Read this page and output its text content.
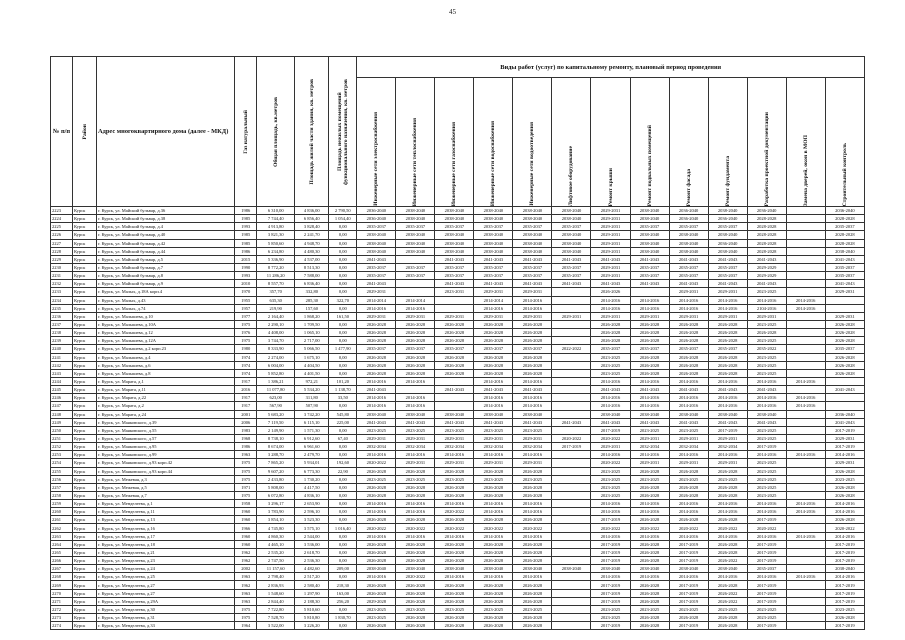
45
№ п/п	Район	Адрес многоквартирного дома (далее - МКД)	Газ натуральный	Общая площадь, кв.метров	Площадь жилой части здания, кв. метров	Площадь нежилых помещений функционального назначения, кв. метров	Виды работ (услуг) по капитальному ремонту, плановый период проведения												

							Инженерные сети электроснабжения	Инженерные сети теплоснабжения	Инженерные сети газоснабжения	Инженерные сети водоснабжения	Инженерные сети водоотведения	Лифтовое оборудование	Ремонт крыши	Ремонт подвальных помещений	Ремонт фасада	Ремонт фундамента	Разработка проектной документации	Замена дверей, окон в МОП	Строительный контроль

2223	Курск	г. Курск, ул. Майский бульвар, д.36	1986	6 310,00	4 836,00	2 790,50	2036-2040	2038-2040	2038-2040	2038-2040	2038-2040	2038-2040	2029-2031	2038-2040	2036-2040	2038-2040	2036-2040		2036-2040
2224	Курск	г. Курск, ул. Майский бульвар, д.38	1985	7 744,40	6 856,40	1 054,40	2036-2040	2038-2040	2038-2040	2038-2040	2038-2040	2038-2040	2029-2031	2038-2040	2036-2040	2036-2040	2028-2028		2028-2028
2225	Курск	г. Курск, ул. Майский бульвар, д.4	1993	4 913,80	3 828,40	0,00	2035-2037	2035-2037	2035-2037	2035-2037	2035-2037	2035-2037	2029-2031	2035-2037	2035-2037	2035-2037	2028-2028		2035-2037
2226	Курск	г. Курск, ул. Майский бульвар, д.40	1985	3 821,30	2 241,70	0,00	2038-2040	2038-2040	2038-2040	2038-2040	2038-2040	2038-2040	2029-2031	2038-2040	2038-2040	2038-2040	2028-2028		2028-2028
2227	Курск	г. Курск, ул. Майский бульвар, д.42	1985	5 850,60	4 948,70	0,00	2038-2040	2038-2040	2038-2040	2038-2040	2038-2040	2038-2040	2029-2031	2038-2040	2038-2040	2036-2040	2028-2028		2028-2028
2228	Курск	г. Курск, ул. Майский бульвар, д.44	1986	6 234,80	4 480,30	0,00	2038-2040	2038-2040	2038-2040	2038-2040	2038-2040	2038-2040	2029-2031	2038-2040	2038-2040	2038-2040	2028-2028		2038-2040
2229	Курск	г. Курск, ул. Майский бульвар, д.5	2015	5 336,90	4 537,00	0,00	2041-2043		2041-2043	2041-2043	2041-2043	2041-2043	2041-2043	2041-2043	2041-2043	2041-2043	2041-2043		2041-2043
2230	Курск	г. Курск, ул. Майский бульвар, д.7	1990	8 772,20	8 513,30	0,00	2035-2037	2035-2037	2035-2037	2035-2037	2035-2037	2035-2037	2029-2031	2035-2037	2035-2037	2035-2037	2029-2029		2035-2037
2231	Курск	г. Курск, ул. Майский бульвар, д.8	1993	11 286,20	7 588,00	0,00	2035-2037	2035-2037	2035-2037	2035-2037	2035-2037	2035-2037	2029-2031	2035-2037	2035-2037	2035-2037	2029-2029		2035-2037
2232	Курск	г. Курск, ул. Майский бульвар, д.9	2010	8 557,70	6 836,40	0,00	2041-2043		2041-2043	2041-2043	2041-2043	2041-2043	2041-2043	2041-2043	2041-2043	2041-2043	2041-2043		2041-2043
2233	Курск	г. Курск, ул. Малых, д.18А корп.4	1970	357,70	332,80	0,00	2029-2031		2023-2031	2029-2031	2029-2031		2026-2026		2029-2031	2029-2031	2023-2025		2029-2031
2234	Курск	г. Курск, ул. Малых, д.43	1955	635,30	285,30	322,70	2014-2014	2014-2014		2014-2014	2014-2016		2014-2016	2014-2016	2014-2016	2014-2016	2014-2016	2014-2016	
2235	Курск	г. Курск, ул. Малых, д.74	1957	219,90	157,60	0,00	2014-2016	2014-2016		2014-2016	2014-2016		2014-2016	2014-2016	2014-2016	2014-2016	2104-2016	2014-2016	
2236	Курск	г. Курск, ул. Малышева, д.10	1977	2 164,40	1 868,20	161,50	2029-2031	2029-2031	2029-2031	2029-2031	2029-2031	2029-2031	2029-2031	2029-2031	2029-2031	2029-2031	2029-2031		2029-2031
2237	Курск	г. Курск, ул. Малышева, д.10А	1975	2 290,10	1 709,50	0,00	2026-2028	2026-2028	2026-2028	2026-2028	2026-2028		2026-2028	2026-2028	2026-2028	2026-2028	2023-2025		2026-2028
2238	Курск	г. Курск, ул. Малышева, д.12	1976	4 408,00	1 065,10	0,00	2026-2028	2026-2028	2026-2028	2026-2028	2026-2028		2026-2028	2026-2028	2026-2028	2026-2028	2026-2028		2026-2028
2239	Курск	г. Курск, ул. Малышева, д.12А	1975	3 744,70	2 717,00	0,00	2026-2028	2026-2028	2026-2028	2026-2028	2026-2028		2026-2028	2026-2028	2026-2028	2026-2028	2023-2025		2026-2028
2240	Курск	г. Курск, ул. Малышева, д.2 корп.23	1980	8 333,90	5 066,50	1 477,90	2035-2037	2035-2037	2035-2037	2035-2037	2035-2037	2022-2022	2035-2037	2035-2037	2035-2037	2035-2037	2035-2022		2035-2037
2241	Курск	г. Курск, ул. Малышева, д.4	1974	2 274,00	1 675,10	0,00	2026-2028	2026-2028	2026-2028	2026-2028	2026-2028		2023-2025	2026-2028	2026-2028	2026-2028	2023-2025		2026-2028
2242	Курск	г. Курск, ул. Малышева, д.6	1974	6 004,00	4 404,50	0,00	2026-2028	2026-2028	2026-2028	2026-2028	2026-2028		2023-2025	2026-2028	2026-2028	2026-2028	2023-2025		2026-2028
2243	Курск	г. Курск, ул. Малышева, д.8	1974	5 852,80	4 401,50	0,00	2026-2028	2026-2028	2026-2028	2026-2028	2026-2028		2023-2025	2026-2028	2026-2028	2026-2028	2023-2025		2026-2028
2244	Курск	г. Курск, ул. Марата, д.1	1917	1 386,21	972,21	101,20	2014-2016	2014-2016		2014-2016	2014-2016		2014-2016	2014-2016	2014-2016	2014-2016	2014-2016	2014-2016	
2245	Курск	г. Курск, ул. Марата, д.11	2016	11 077,80	5 534,20	1 138,70	2041-2043		2041-2043	2041-2043	2041-2043		2041-2043	2041-2043	2041-2043	2041-2043	2041-2043		2041-2043
2246	Курск	г. Курск, ул. Марата, д.22	1917	623,00	311,80	33,50	2014-2016	2014-2016		2014-2016	2014-2016		2014-2016	2014-2016	2014-2016	2014-2016	2014-2016	2014-2016	
2247	Курск	г. Курск, ул. Марата, д.2	1917	567,90	507,90	0,00	2014-2016	2014-2016		2014-2016	2014-2016		2014-2016	2014-2016	2014-2016	2014-2016	2014-2016	2014-2016	
2248	Курск	г. Курск, ул. Марата, д.24	2001	5 683,20	3 742,20	545,80	2038-2040	2038-2040	2038-2040	2038-2040	2038-2040		2038-2040	2038-2040	2038-2040	2038-2040	2038-2040		2036-2040
2249	Курск	г. Курск, ул. Маяковского, д.39	2006	7 119,50	6 115,10	225,00	2041-2043	2041-2043	2041-2043	2041-2043	2041-2043	2041-2043	2041-2043	2041-2043	2041-2043	2041-2043	2041-2043		2041-2043
2250	Курск	г. Курск, ул. Маяковского, д.55	1983	2 149,90	1 571,30	0,00	2023-2025	2023-2025	2023-2025	2023-2025	2023-2025		2017-2019	2023-2025	2023-2025	2017-2019	2023-2025		2017-2019
2251	Курск	г. Курск, ул. Маяковского, д.57	1968	8 738,10	6 912,60	67,40	2029-2031	2029-2031	2029-2031	2029-2031	2029-2031	2020-2022	2020-2022	2029-2031	2029-2031	2029-2031	2023-2025		2029-2031
2252	Курск	г. Курск, ул. Маяковского, д.95	1986	8 674,00	6 961,60	0,00	2032-2034	2032-2034	2032-2034	2032-2034	2032-2034	2017-2019	2029-2031	2032-2034	2032-2034	2032-2034	2017-2019		2017-2019
2253	Курск	г. Курск, ул. Маяковского, д.99	1963	3 288,70	2 479,70	0,00	2014-2016	2014-2016	2014-2016	2014-2016	2014-2016		2014-2016	2014-2016	2014-2016	2014-2016	2014-2016	2014-2016	2014-2016
2254	Курск	г. Курск, ул. Маяковского, д.93 корп.42	1975	7 865,20	5 934,01	192,60	2020-2022	2029-2031	2029-2031	2029-2031	2029-2031		2020-2022	2029-2031	2029-2031	2029-2031	2023-2025		2029-2031
2255	Курск	г. Курск, ул. Маяковского, д.93 корп.44	1975	9 607,20	6 773,30	22,90	2026-2028	2026-2028	2026-2028	2026-2028	2026-2028		2023-2025	2026-2028	2026-2028	2026-2028	2023-2025		2026-2028
2256	Курск	г. Курск, ул. Межевая, д.3	1975	2 433,80	1 730,20	0,00	2023-2025	2023-2025	2023-2025	2023-2025	2023-2025		2023-2025	2023-2025	2023-2025	2023-2025	2023-2025		2023-2025
2257	Курск	г. Курск, ул. Межевая, д.5	1971	5 808,00	4 417,50	0,00	2026-2028	2026-2028	2026-2028	2026-2028	2026-2028		2023-2025	2026-2028	2026-2028	2026-2028	2023-2025		2026-2028
2258	Курск	г. Курск, ул. Межевая, д.7	1975	6 072,80	4 836,10	0,00	2026-2028	2026-2028	2026-2028	2026-2028	2026-2028		2023-2025	2026-2028	2026-2028	2026-2028	2023-2025		2026-2028
2259	Курск	г. Курск, ул. Менделеева, д.1	1958	3 296,17	2 653,90	0,00	2014-2016	2014-2016	2014-2016	2014-2016	2014-2016		2014-2016	2014-2016	2014-2016	2014-2016	2014-2016	2014-2016	2014-2016
2260	Курск	г. Курск, ул. Менделеева, д.11	1960	3 783,90	2 596,10	0,00	2014-2016	2014-2016	2020-2022	2014-2016	2014-2016		2014-2016	2014-2016	2014-2016	2014-2016	2014-2016	2014-2016	2014-2016
2261	Курск	г. Курск, ул. Менделеева, д.13	1960	3 854,10	3 523,30	0,00	2026-2028	2026-2028	2026-2028	2026-2028	2026-2028		2017-2019	2026-2028	2026-2028	2026-2028	2017-2019		2026-2028
2262	Курск	г. Курск, ул. Менделеева, д.16	1966	4 745,80	3 575,10	1 016,40	2020-2022	2020-2022	2020-2022	2020-2022	2020-2022		2020-2022	2020-2022	2020-2022	2020-2022	2020-2022		2020-2022
2263	Курск	г. Курск, ул. Менделеева, д.17	1960	4 860,30	2 544,00	0,00	2014-2016	2014-2016	2014-2016	2014-2016	2014-2016		2014-2016	2014-2016	2014-2016	2014-2016	2014-2016	2014-2016	2014-2016
2264	Курск	г. Курск, ул. Менделеева, д.18	1960	4 465,10	3 536,00	0,00	2026-2028	2026-2028	2026-2028	2026-2028	2026-2028		2017-2019	2026-2028	2017-2019	2026-2028	2017-2019		2017-2019
2265	Курск	г. Курск, ул. Менделеева, д.21	1962	2 535,20	2 618,70	0,00	2026-2028	2026-2028	2026-2028	2026-2028	2026-2028		2017-2019	2026-2028	2017-2019	2026-2028	2017-2019		2017-2019
2266	Курск	г. Курск, ул. Менделеева, д.23	1962	2 747,50	2 536,30	0,00	2026-2028	2026-2028	2026-2028	2026-2028	2026-2028		2017-2019	2026-2028	2017-2019	2026-2022	2017-2019		2017-2019
2267	Курск	г. Курск, ул. Менделеева, д.24	2002	11 157,60	4 482,60	209,00	2038-2040	2038-2040	2038-2040	2038-2040	2038-2040	2038-2040	2038-2040	2038-2040	2038-2040	2038-2040	2035-2037		2038-2040
2268	Курск	г. Курск, ул. Менделеева, д.25	1963	2 798,40	2 517,20	0,00	2014-2016	2020-2022	2014-2016	2014-2016	2014-2016		2014-2016	2014-2016	2014-2016	2014-2016	2014-2016	2014-2016	2014-2016
2269	Курск	г. Курск, ул. Менделеева, д.27	1962	2 836,93	2 580,40	218,30	2026-2028	2026-2028	2026-2028	2026-2028	2026-2028		2017-2019	2026-2028	2017-2019	2026-2028	2017-2019		2017-2019
2270	Курск	г. Курск, ул. Менделеева, д.27	1963	1 548,60	1 297,90	163,00	2026-2028	2026-2028	2026-2028	2026-2028	2026-2028		2017-2019	2026-2028	2017-2019	2026-2022	2017-2019		2017-2019
2271	Курск	г. Курск, ул. Менделеева, д.29А	1963	2 844,40	2 188,30	256,20	2029-2028	2026-2028	2026-2028	2026-2028	2026-2028		2017-2019	2026-2028	2017-2019	2026-2022	2017-2019		2017-2019
2272	Курск	г. Курск, ул. Менделеева, д.30	1975	7 722,80	5 810,60	0,00	2023-2025	2023-2025	2023-2025	2023-2025	2023-2025		2023-2025	2023-2025	2023-2025	2023-2025	2023-2025		2023-2025
2273	Курск	г. Курск, ул. Менделеева, д.31	1975	7 528,70	5 810,80	1 830,70	2023-2025	2026-2028	2026-2028	2026-2028	2026-2028		2023-2025	2026-2028	2026-2028	2026-2028	2023-2025		2026-2028
2274	Курск	г. Курск, ул. Менделеева, д.33	1964	3 522,00	3 226,20	0,00	2026-2028	2026-2028	2026-2028	2026-2028	2026-2028		2017-2019	2026-2028	2017-2019	2026-2028	2017-2019		2017-2019
